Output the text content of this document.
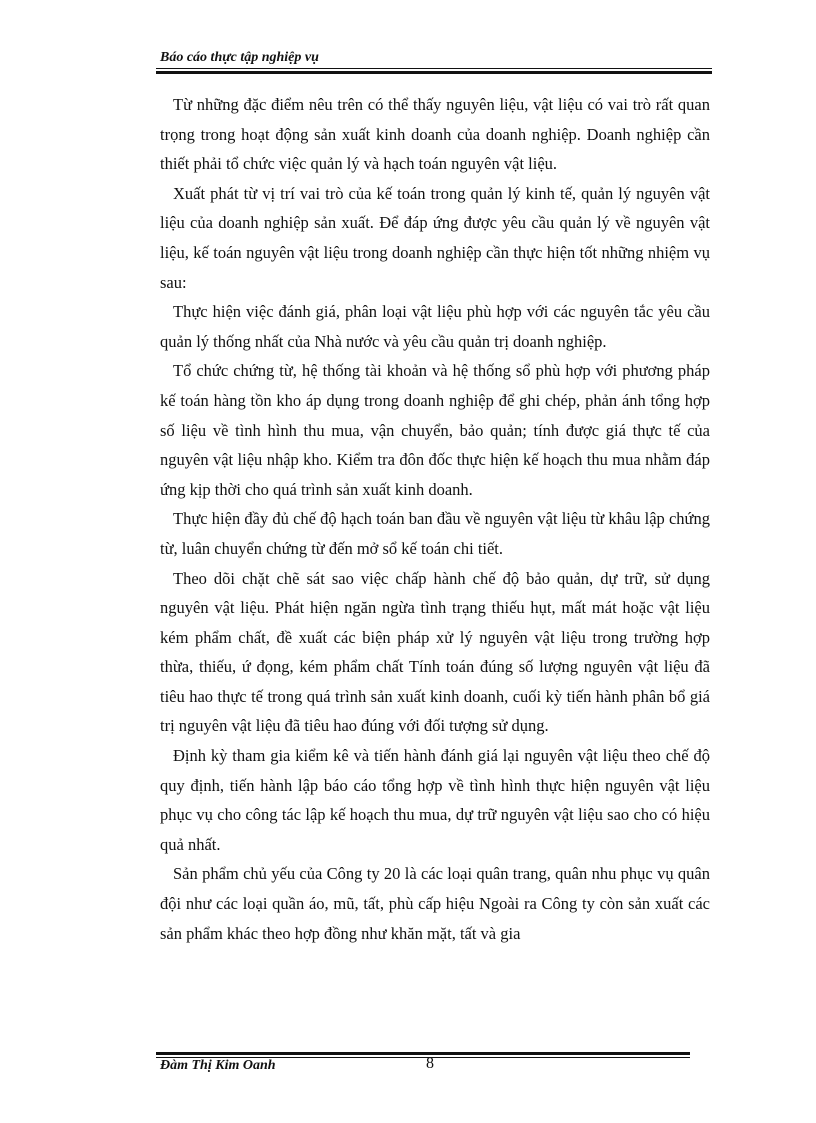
Báo cáo thực tập nghiệp vụ

Từ những đặc điểm nêu trên có thể thấy nguyên liệu, vật liệu có vai trò rất quan trọng trong hoạt động sản xuất kinh doanh của doanh nghiệp. Doanh nghiệp cần thiết phải tổ chức việc quản lý và hạch toán nguyên vật liệu.

Xuất phát từ vị trí vai trò của kế toán trong quản lý kinh tế, quản lý nguyên vật liệu của doanh nghiệp sản xuất. Để đáp ứng được yêu cầu quản lý về nguyên vật liệu, kế toán nguyên vật liệu trong doanh nghiệp cần thực hiện tốt những nhiệm vụ sau:

Thực hiện việc đánh giá, phân loại vật liệu phù hợp với các nguyên tắc yêu cầu quản lý thống nhất của Nhà nước và yêu cầu quản trị doanh nghiệp.

Tổ chức chứng từ, hệ thống tài khoản và hệ thống sổ phù hợp với phương pháp kế toán hàng tồn kho áp dụng trong doanh nghiệp để ghi chép, phản ánh tổng hợp số liệu về tình hình thu mua, vận chuyển, bảo quản; tính được giá thực tế của nguyên vật liệu nhập kho. Kiểm tra đôn đốc thực hiện kế hoạch thu mua nhằm đáp ứng kịp thời cho quá trình sản xuất kinh doanh.

Thực hiện đầy đủ chế độ hạch toán ban đầu về nguyên vật liệu từ khâu lập chứng từ, luân chuyển chứng từ đến mở sổ kế toán chi tiết.

Theo dõi chặt chẽ sát sao việc chấp hành chế độ bảo quản, dự trữ, sử dụng nguyên vật liệu. Phát hiện ngăn ngừa tình trạng thiếu hụt, mất mát hoặc vật liệu kém phẩm chất, đề xuất các biện pháp xử lý nguyên vật liệu trong trường hợp thừa, thiếu, ứ đọng, kém phẩm chất Tính toán đúng số lượng nguyên vật liệu đã tiêu hao thực tế trong quá trình sản xuất kinh doanh, cuối kỳ tiến hành phân bổ giá trị nguyên vật liệu đã tiêu hao đúng với đối tượng sử dụng.

Định kỳ tham gia kiểm kê và tiến hành đánh giá lại nguyên vật liệu theo chế độ quy định, tiến hành lập báo cáo tổng hợp về tình hình thực hiện nguyên vật liệu phục vụ cho công tác lập kế hoạch thu mua, dự trữ nguyên vật liệu sao cho có hiệu quả nhất.

Sản phẩm chủ yếu của Công ty 20 là các loại quân trang, quân nhu phục vụ quân đội như các loại quần áo, mũ, tất, phù cấp hiệu Ngoài ra Công ty còn sản xuất các sản phẩm khác theo hợp đồng như khăn mặt, tất và gia

Đàm Thị Kim Oanh	8
